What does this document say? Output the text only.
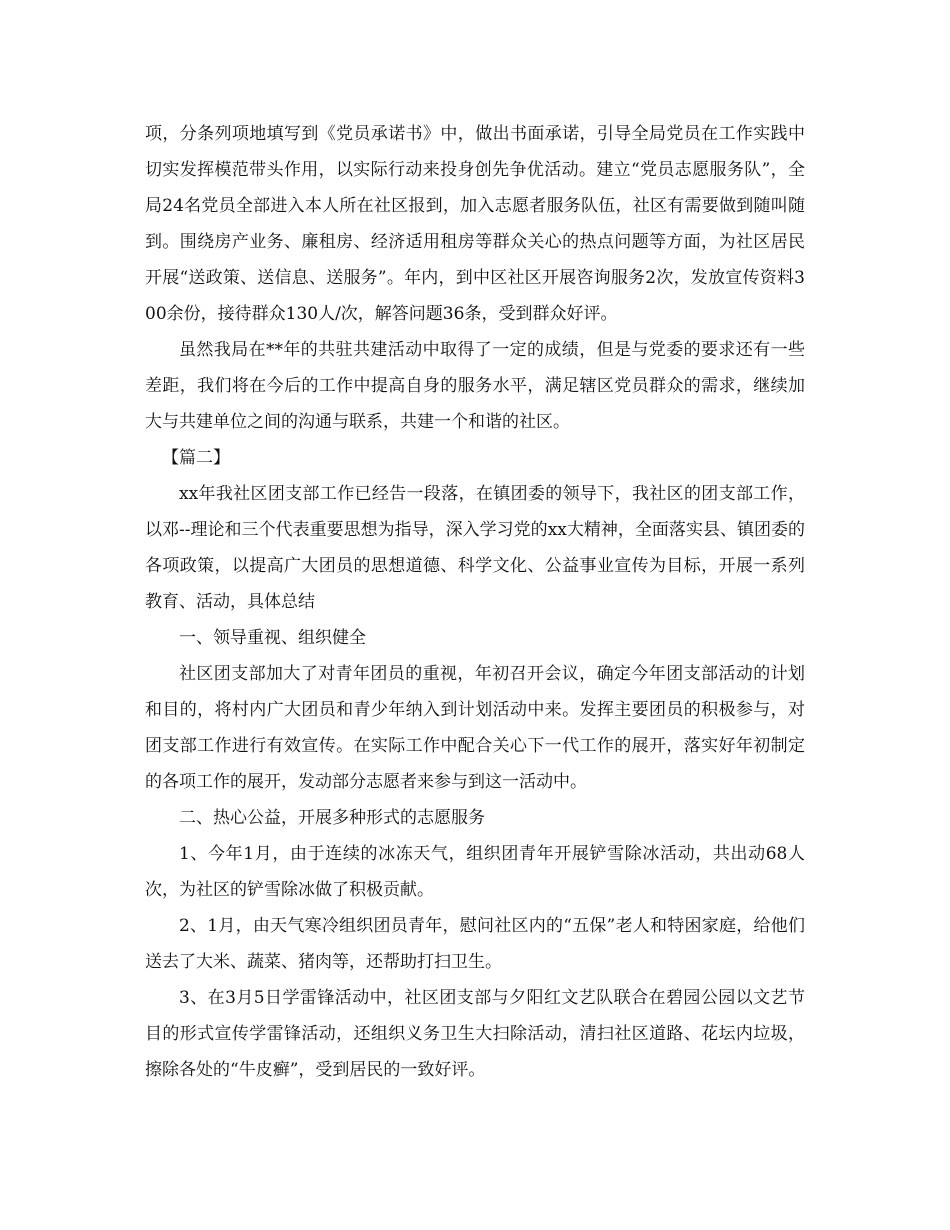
项，分条列项地填写到《党员承诺书》中，做出书面承诺，引导全局党员在工作实践中切实发挥模范带头作用，以实际行动来投身创先争优活动。建立“党员志愿服务队”，全局24名党员全部进入本人所在社区报到，加入志愿者服务队伍，社区有需要做到随叫随到。围绕房产业务、廉租房、经济适用租房等群众关心的热点问题等方面，为社区居民开展“送政策、送信息、送服务”。年内，到中区社区开展咨询服务2次，发放宣传资料300余份，接待群众130人/次，解答问题36条，受到群众好评。

虽然我局在**年的共驻共建活动中取得了一定的成绩，但是与党委的要求还有一些差距，我们将在今后的工作中提高自身的服务水平，满足辖区党员群众的需求，继续加大与共建单位之间的沟通与联系，共建一个和谐的社区。

【篇二】

xx年我社区团支部工作已经告一段落，在镇团委的领导下，我社区的团支部工作，以邓--理论和三个代表重要思想为指导，深入学习党的xx大精神，全面落实县、镇团委的各项政策，以提高广大团员的思想道德、科学文化、公益事业宣传为目标，开展一系列教育、活动，具体总结

一、领导重视、组织健全

社区团支部加大了对青年团员的重视，年初召开会议，确定今年团支部活动的计划和目的，将村内广大团员和青少年纳入到计划活动中来。发挥主要团员的积极参与，对团支部工作进行有效宣传。在实际工作中配合关心下一代工作的展开，落实好年初制定的各项工作的展开，发动部分志愿者来参与到这一活动中。

二、热心公益，开展多种形式的志愿服务

1、今年1月，由于连续的冰冻天气，组织团青年开展铲雪除冰活动，共出动68人次，为社区的铲雪除冰做了积极贡献。

2、1月，由天气寒冷组织团员青年，慰问社区内的“五保”老人和特困家庭，给他们送去了大米、蔬菜、猪肉等，还帮助打扫卫生。

3、在3月5日学雷锋活动中，社区团支部与夕阳红文艺队联合在碧园公园以文艺节目的形式宣传学雷锋活动，还组织义务卫生大扫除活动，清扫社区道路、花坛内垃圾，擦除各处的“牛皮癣”，受到居民的一致好评。
